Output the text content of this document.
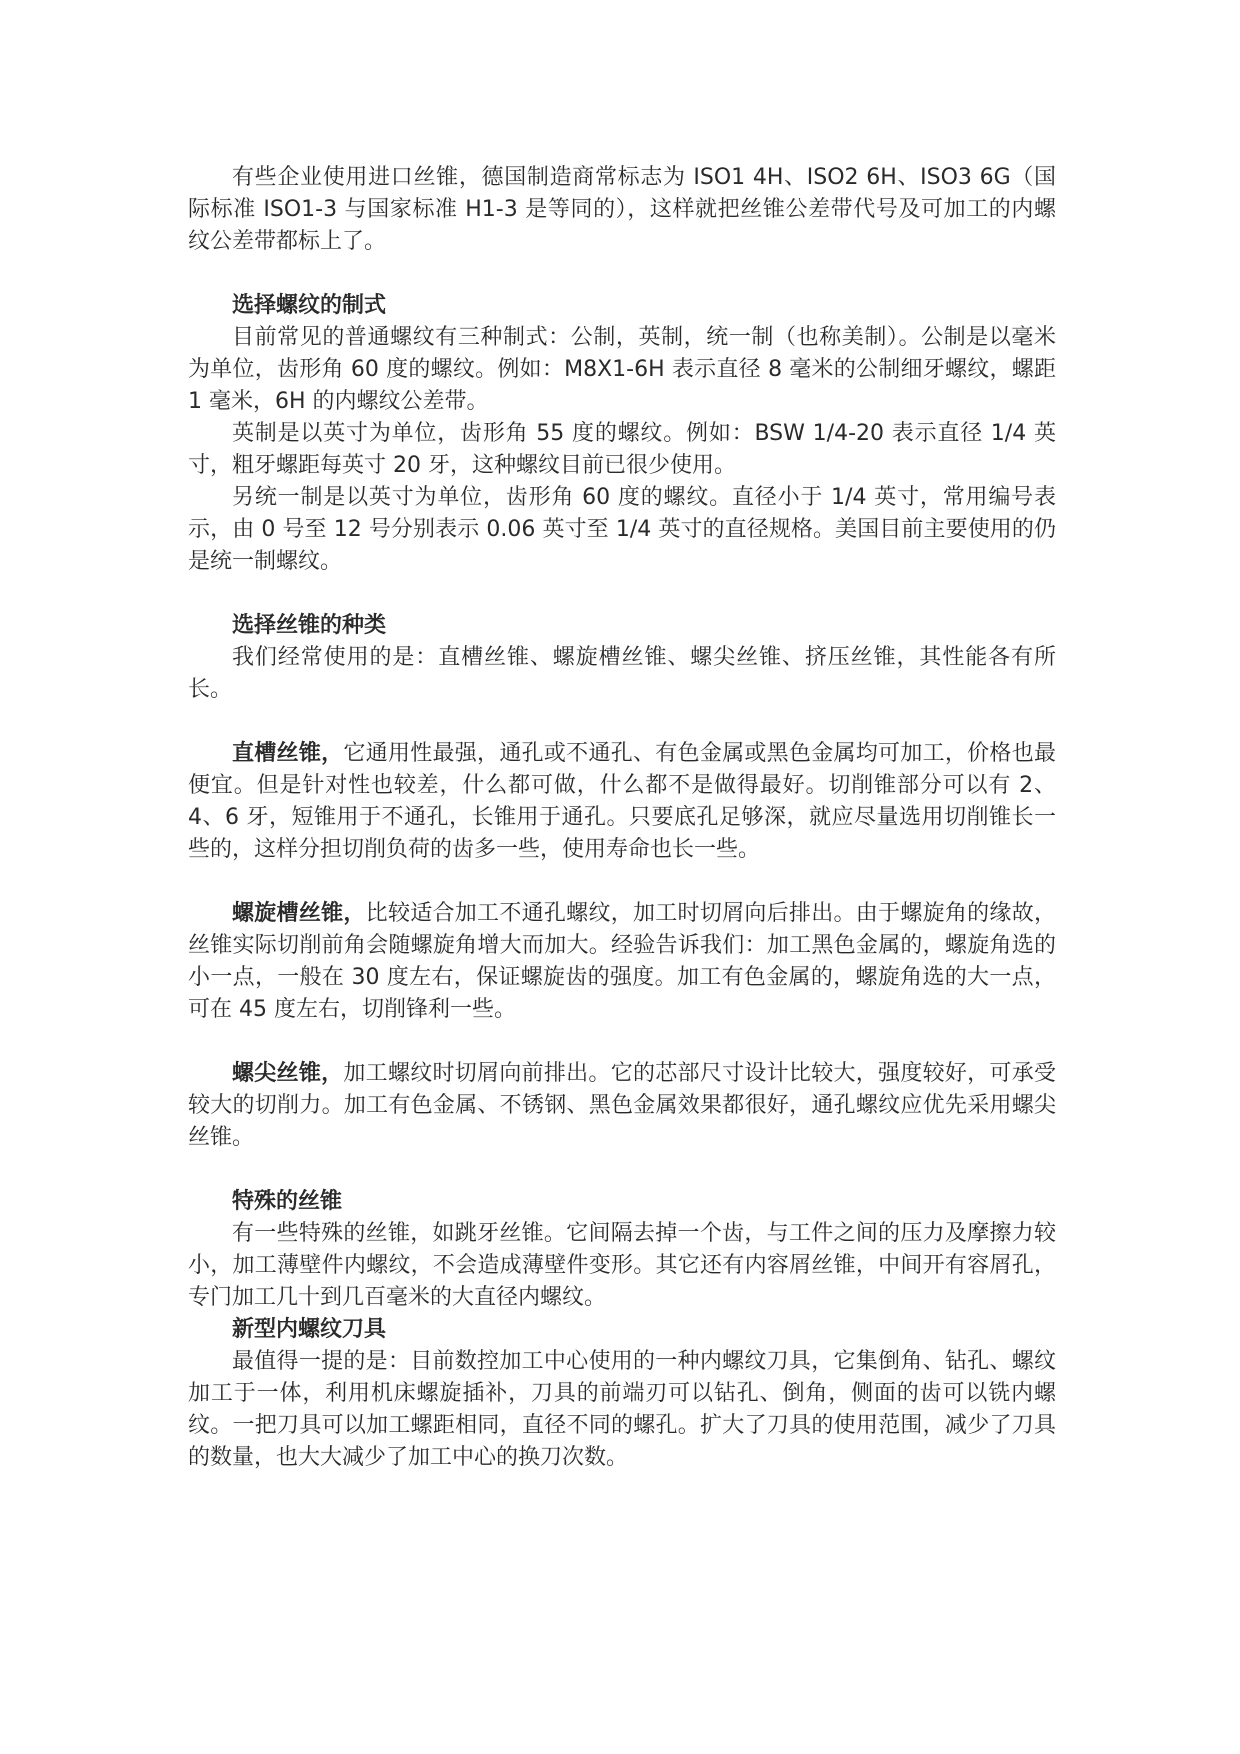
有些企业使用进口丝锥，德国制造商常标志为 ISO1 4H、ISO2 6H、ISO3 6G（国际标准 ISO1-3 与国家标准 H1-3 是等同的），这样就把丝锥公差带代号及可加工的内螺纹公差带都标上了。

选择螺纹的制式

目前常见的普通螺纹有三种制式：公制，英制，统一制（也称美制）。公制是以毫米为单位，齿形角 60 度的螺纹。例如：M8X1-6H 表示直径 8 毫米的公制细牙螺纹，螺距 1 毫米，6H 的内螺纹公差带。

英制是以英寸为单位，齿形角 55 度的螺纹。例如：BSW 1/4-20 表示直径 1/4 英寸，粗牙螺距每英寸 20 牙，这种螺纹目前已很少使用。

另统一制是以英寸为单位，齿形角 60 度的螺纹。直径小于 1/4 英寸，常用编号表示，由 0 号至 12 号分别表示 0.06 英寸至 1/4 英寸的直径规格。美国目前主要使用的仍是统一制螺纹。

选择丝锥的种类

我们经常使用的是：直槽丝锥、螺旋槽丝锥、螺尖丝锥、挤压丝锥，其性能各有所长。

直槽丝锥，它通用性最强，通孔或不通孔、有色金属或黑色金属均可加工，价格也最便宜。但是针对性也较差，什么都可做，什么都不是做得最好。切削锥部分可以有 2、4、6 牙，短锥用于不通孔，长锥用于通孔。只要底孔足够深，就应尽量选用切削锥长一些的，这样分担切削负荷的齿多一些，使用寿命也长一些。

螺旋槽丝锥，比较适合加工不通孔螺纹，加工时切屑向后排出。由于螺旋角的缘故，丝锥实际切削前角会随螺旋角增大而加大。经验告诉我们：加工黑色金属的，螺旋角选的小一点，一般在 30 度左右，保证螺旋齿的强度。加工有色金属的，螺旋角选的大一点，可在 45 度左右，切削锋利一些。

螺尖丝锥，加工螺纹时切屑向前排出。它的芯部尺寸设计比较大，强度较好，可承受较大的切削力。加工有色金属、不锈钢、黑色金属效果都很好，通孔螺纹应优先采用螺尖丝锥。

特殊的丝锥

有一些特殊的丝锥，如跳牙丝锥。它间隔去掉一个齿，与工件之间的压力及摩擦力较小，加工薄壁件内螺纹，不会造成薄壁件变形。其它还有内容屑丝锥，中间开有容屑孔，专门加工几十到几百毫米的大直径内螺纹。

新型内螺纹刀具

最值得一提的是：目前数控加工中心使用的一种内螺纹刀具，它集倒角、钻孔、螺纹加工于一体，利用机床螺旋插补，刀具的前端刃可以钻孔、倒角，侧面的齿可以铣内螺纹。一把刀具可以加工螺距相同，直径不同的螺孔。扩大了刀具的使用范围，减少了刀具的数量，也大大减少了加工中心的换刀次数。
